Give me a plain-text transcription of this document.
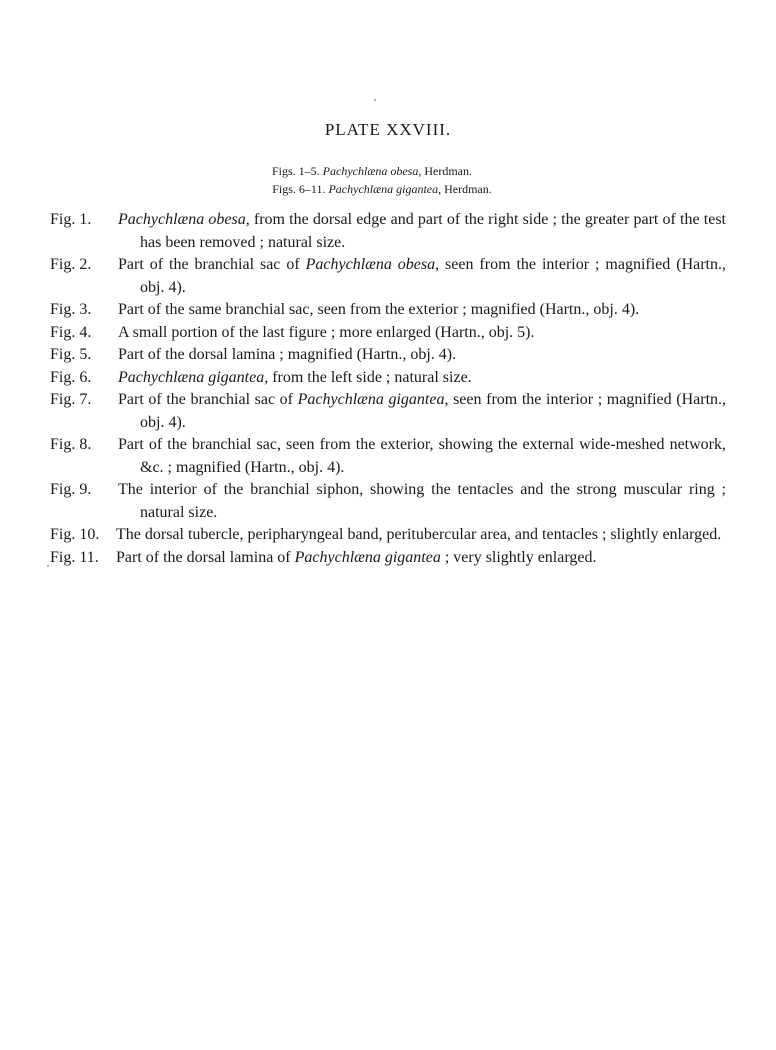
PLATE XXVIII.
Figs. 1–5. Pachychlæna obesa, Herdman.
Figs. 6–11. Pachychlæna gigantea, Herdman.
Fig. 1.	Pachychlæna obesa, from the dorsal edge and part of the right side ; the greater part of the test has been removed ; natural size.
Fig. 2.	Part of the branchial sac of Pachychlæna obesa, seen from the interior ; magnified (Hartn., obj. 4).
Fig. 3.	Part of the same branchial sac, seen from the exterior ; magnified (Hartn., obj. 4).
Fig. 4.	A small portion of the last figure ; more enlarged (Hartn., obj. 5).
Fig. 5.	Part of the dorsal lamina ; magnified (Hartn., obj. 4).
Fig. 6.	Pachychlæna gigantea, from the left side ; natural size.
Fig. 7.	Part of the branchial sac of Pachychlæna gigantea, seen from the interior ; magnified (Hartn., obj. 4).
Fig. 8.	Part of the branchial sac, seen from the exterior, showing the external wide-meshed network, &c. ; magnified (Hartn., obj. 4).
Fig. 9.	The interior of the branchial siphon, showing the tentacles and the strong muscular ring ; natural size.
Fig. 10.	The dorsal tubercle, peripharyngeal band, peritubercular area, and tentacles ; slightly enlarged.
Fig. 11.	Part of the dorsal lamina of Pachychlæna gigantea ; very slightly enlarged.
